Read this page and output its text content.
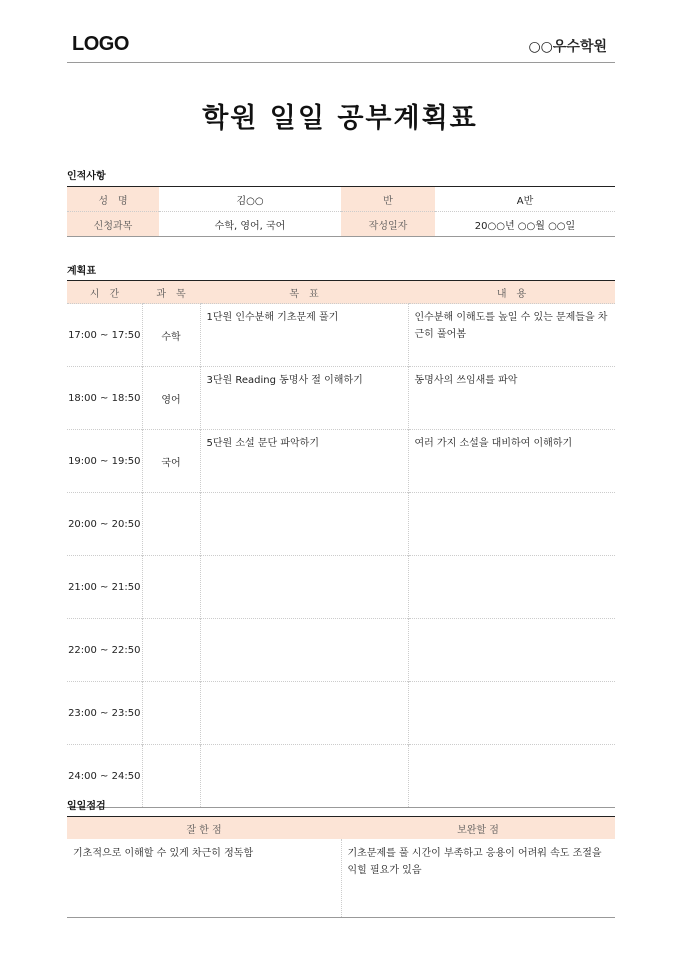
LOGO	○○우수학원
학원 일일 공부계획표
인적사항
성　명	김○○	반	A반
신청과목	수학, 영어, 국어	작성일자	20○○년 ○○월 ○○일
계획표
시　간	과　목	목　표	내　용
17:00 ~ 17:50	수학	1단원 인수분해 기초문제 풀기	인수분해 이해도를 높일 수 있는 문제들을 차근히 풀어봄
18:00 ~ 18:50	영어	3단원 Reading 동명사 절 이해하기	동명사의 쓰임새를 파악
19:00 ~ 19:50	국어	5단원 소설 문단 파악하기	여러 가지 소설을 대비하여 이해하기
20:00 ~ 20:50			
21:00 ~ 21:50			
22:00 ~ 22:50			
23:00 ~ 23:50			
24:00 ~ 24:50			
일일점검
잘 한 점	보완할 점
기초적으로 이해할 수 있게 차근히 정독함	기초문제를 풀 시간이 부족하고 응용이 어려워 속도 조절을 익힐 필요가 있음
